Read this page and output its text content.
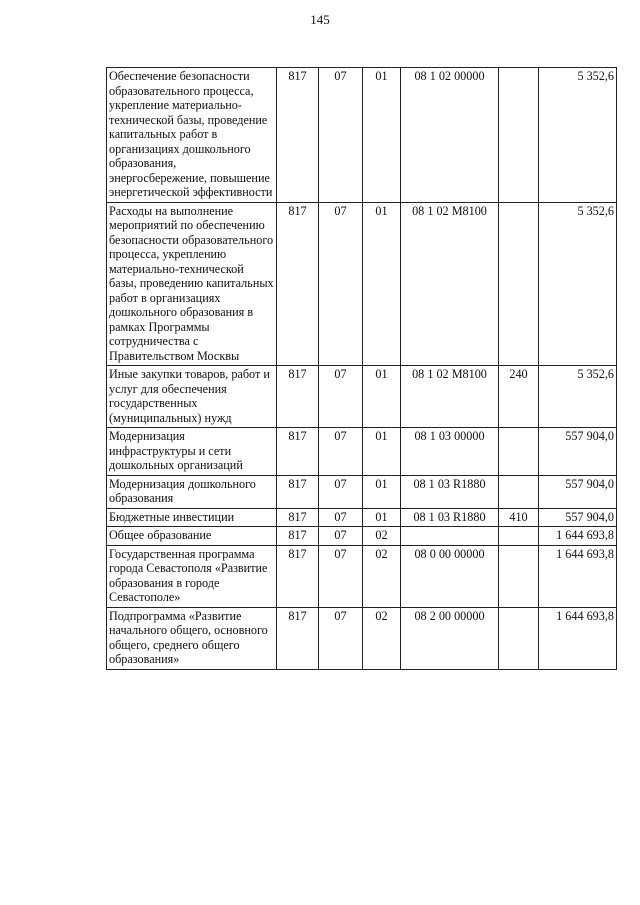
145
Обеспечение безопасности образовательного процесса, укрепление материально-технической базы, проведение капитальных работ в организациях дошкольного образования, энергосбережение, повышение энергетической эффективности	817	07	01	08 1 02 00000		5 352,6
Расходы на выполнение мероприятий по обеспечению безопасности образовательного процесса, укреплению материально-технической базы, проведению капитальных работ в организациях дошкольного образования в рамках Программы сотрудничества с Правительством Москвы	817	07	01	08 1 02 M8100		5 352,6
Иные закупки товаров, работ и услуг для обеспечения государственных (муниципальных) нужд	817	07	01	08 1 02 M8100	240	5 352,6
Модернизация инфраструктуры и сети дошкольных организаций	817	07	01	08 1 03 00000		557 904,0
Модернизация дошкольного образования	817	07	01	08 1 03 R1880		557 904,0
Бюджетные инвестиции	817	07	01	08 1 03 R1880	410	557 904,0
Общее образование	817	07	02			1 644 693,8
Государственная программа города Севастополя «Развитие образования в городе Севастополе»	817	07	02	08 0 00 00000		1 644 693,8
Подпрограмма «Развитие начального общего, основного общего, среднего общего образования»	817	07	02	08 2 00 00000		1 644 693,8
